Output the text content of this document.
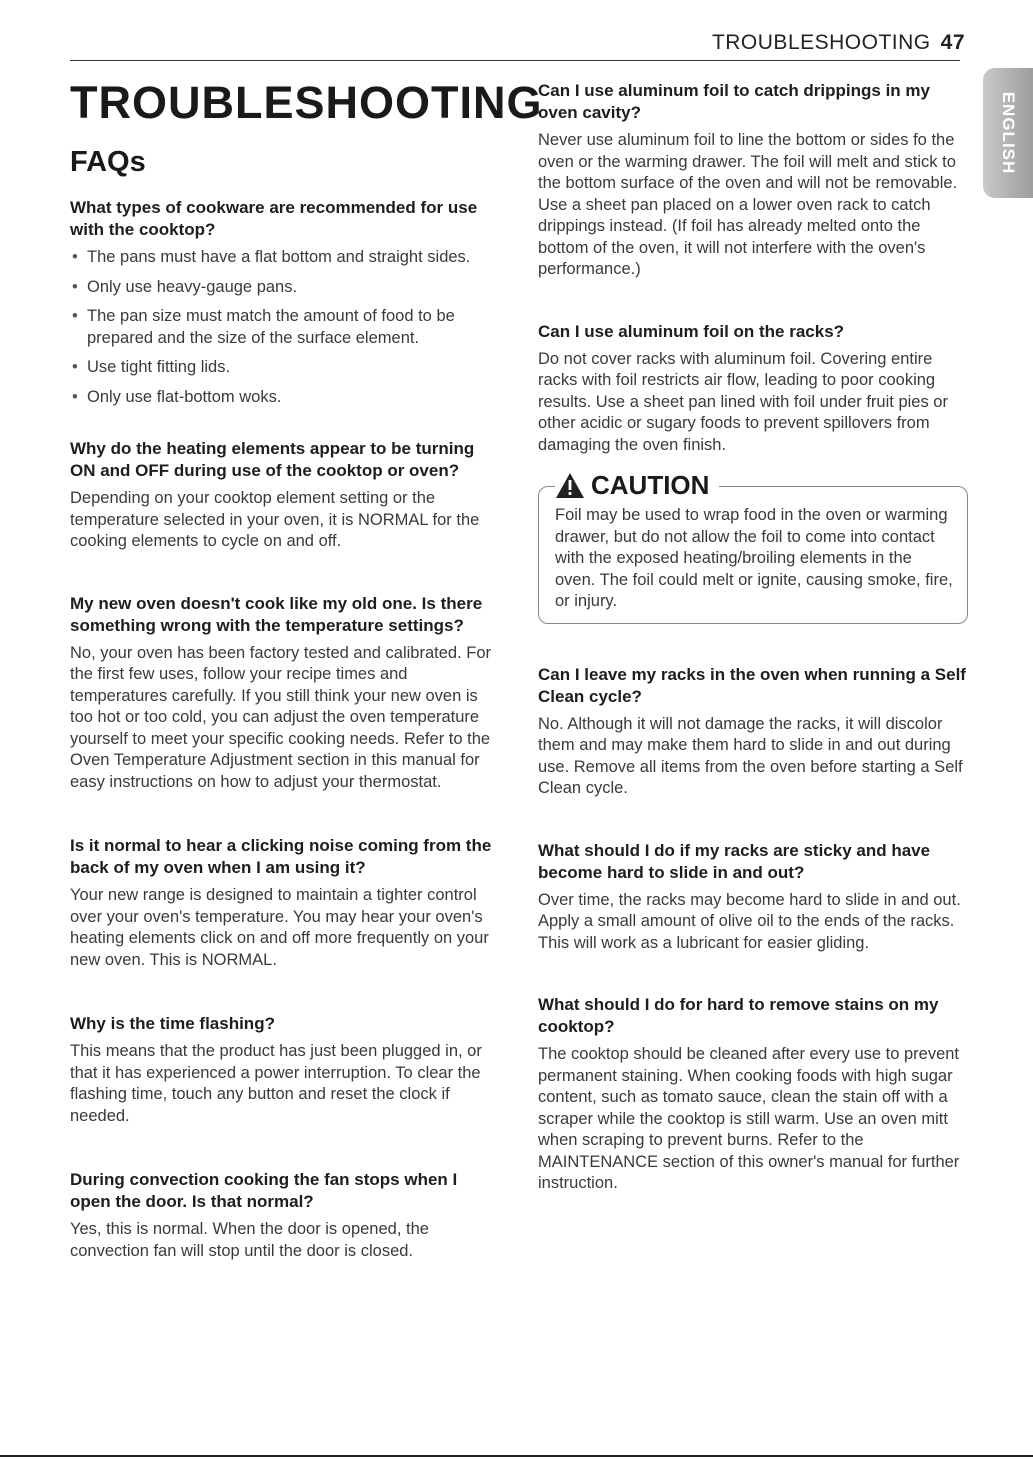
TROUBLESHOOTING 47
ENGLISH
TROUBLESHOOTING
FAQs

What types of cookware are recommended for use with the cooktop?

• The pans must have a flat bottom and straight sides.
• Only use heavy-gauge pans.
• The pan size must match the amount of food to be prepared and the size of the surface element.
• Use tight fitting lids.
• Only use flat-bottom woks.

Why do the heating elements appear to be turning ON and OFF during use of the cooktop or oven?

Depending on your cooktop element setting or the temperature selected in your oven, it is NORMAL for the cooking elements to cycle on and off.

My new oven doesn't cook like my old one. Is there something wrong with the temperature settings?

No, your oven has been factory tested and calibrated. For the first few uses, follow your recipe times and temperatures carefully. If you still think your new oven is too hot or too cold, you can adjust the oven temperature yourself to meet your specific cooking needs. Refer to the Oven Temperature Adjustment section in this manual for easy instructions on how to adjust your thermostat.

Is it normal to hear a clicking noise coming from the back of my oven when I am using it?

Your new range is designed to maintain a tighter control over your oven's temperature. You may hear your oven's heating elements click on and off more frequently on your new oven. This is NORMAL.

Why is the time flashing?

This means that the product has just been plugged in, or that it has experienced a power interruption. To clear the flashing time, touch any button and reset the clock if needed.

During convection cooking the fan stops when I open the door. Is that normal?

Yes, this is normal. When the door is opened, the convection fan will stop until the door is closed.

Can I use aluminum foil to catch drippings in my oven cavity?

Never use aluminum foil to line the bottom or sides fo the oven or the warming drawer. The foil will melt and stick to the bottom surface of the oven and will not be removable. Use a sheet pan placed on a lower oven rack to catch drippings instead. (If foil has already melted onto the bottom of the oven, it will not interfere with the oven's performance.)

Can I use aluminum foil on the racks?

Do not cover racks with aluminum foil. Covering entire racks with foil restricts air flow, leading to poor cooking results. Use a sheet pan lined with foil under fruit pies or other acidic or sugary foods to prevent spillovers from damaging the oven finish.

CAUTION

Foil may be used to wrap food in the oven or warming drawer, but do not allow the foil to come into contact with the exposed heating/broiling elements in the oven. The foil could melt or ignite, causing smoke, fire, or injury.

Can I leave my racks in the oven when running a Self Clean cycle?

No. Although it will not damage the racks, it will discolor them and may make them hard to slide in and out during use. Remove all items from the oven before starting a Self Clean cycle.

What should I do if my racks are sticky and have become hard to slide in and out?

Over time, the racks may become hard to slide in and out. Apply a small amount of olive oil to the ends of the racks. This will work as a lubricant for easier gliding.

What should I do for hard to remove stains on my cooktop?

The cooktop should be cleaned after every use to prevent permanent staining. When cooking foods with high sugar content, such as tomato sauce, clean the stain off with a scraper while the cooktop is still warm. Use an oven mitt when scraping to prevent burns. Refer to the MAINTENANCE section of this owner's manual for further instruction.
